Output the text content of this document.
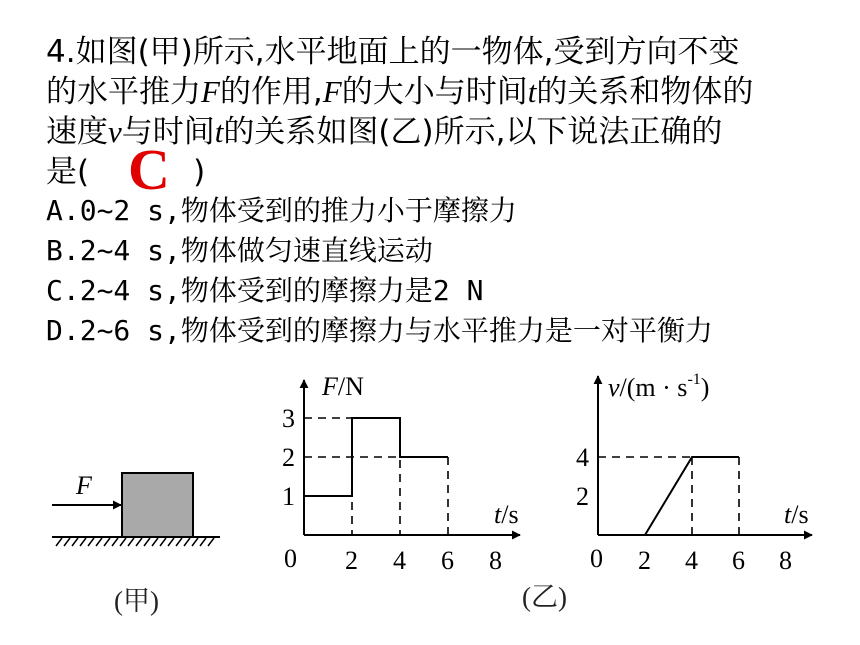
4.如图(甲)所示,水平地面上的一物体,受到方向不变

的水平推力F的作用,F的大小与时间t的关系和物体的

速度v与时间t的关系如图(乙)所示,以下说法正确的

是(	)

C

A.0~2 s,物体受到的推力小于摩擦力

B.2~4 s,物体做匀速直线运动

C.2~4 s,物体受到的摩擦力是2 N

D.2~6 s,物体受到的摩擦力与水平推力是一对平衡力

F
(甲)
0
F/N
t/s
2 4 6 8
1
2
3
0
$v/(m \cdot s^{-1})$
t/s
2 4 6 8
2
4
(乙)
